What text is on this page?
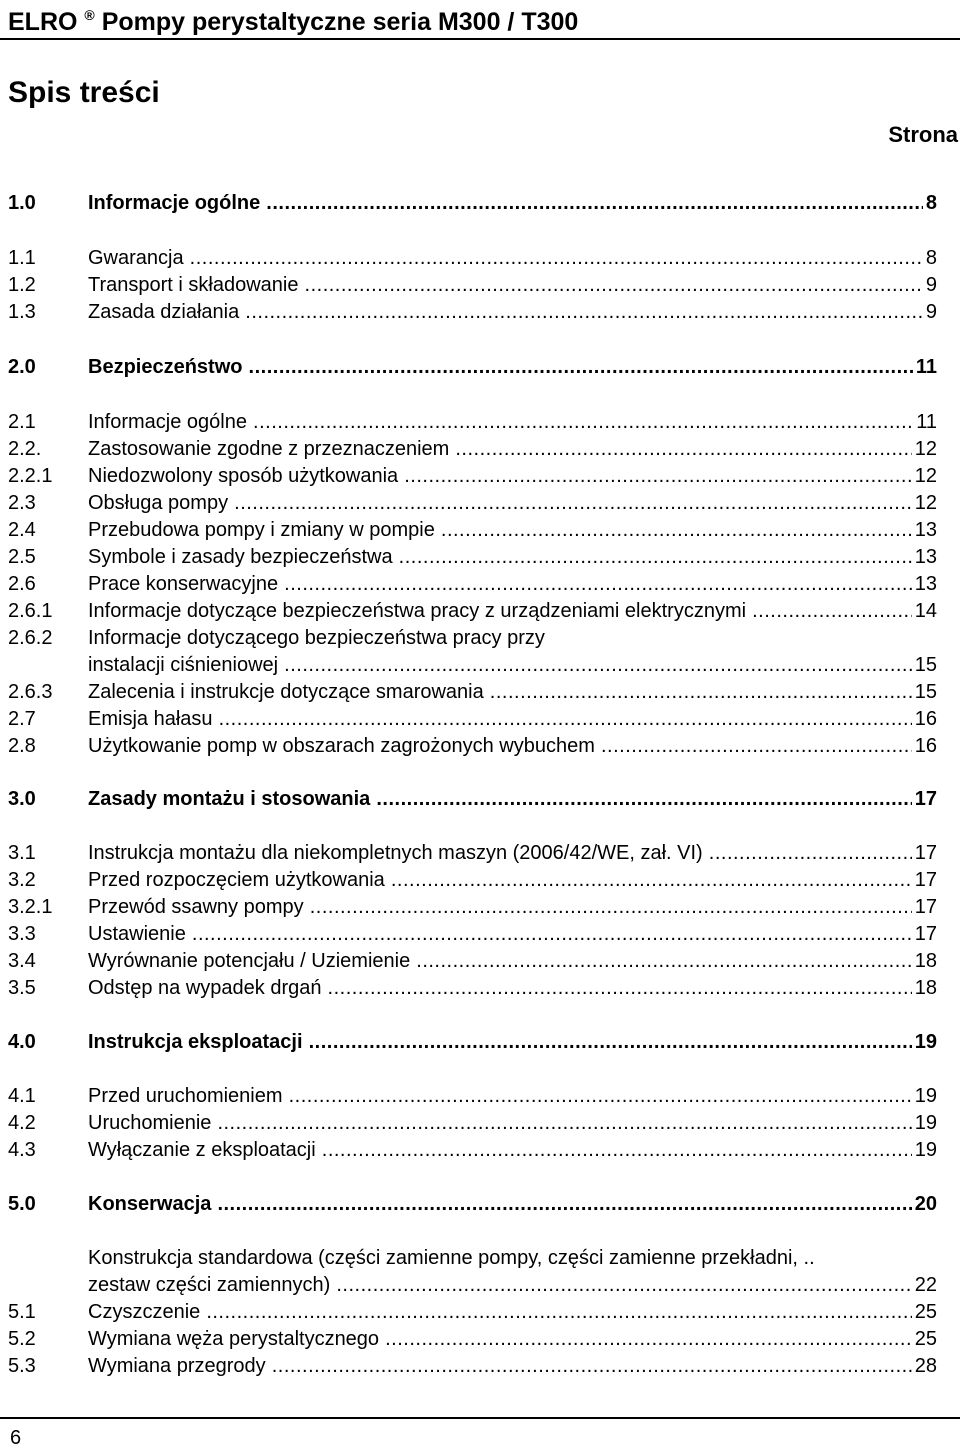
ELRO ® Pompy perystaltyczne seria M300 / T300
Spis treści
Strona
1.0	Informacje ogólne .....	8
1.1	Gwarancja .....	8
1.2	Transport i składowanie .....	9
1.3	Zasada działania .....	9
2.0	Bezpieczeństwo .....	11
2.1	Informacje ogólne .....	11
2.2. Zastosowanie zgodne z przeznaczeniem .....	12
2.2.1 Niedozwolony sposób użytkowania .....	12
2.3	Obsługa pompy .....	12
2.4	Przebudowa pompy i zmiany w pompie .....	13
2.5	Symbole i zasady bezpieczeństwa .....	13
2.6	Prace konserwacyjne .....	13
2.6.1 Informacje dotyczące bezpieczeństwa pracy z urządzeniami elektrycznymi .....	14
2.6.2 Informacje dotyczącego bezpieczeństwa pracy przy
instalacji ciśnieniowej .....	15
2.6.3 Zalecenia i instrukcje dotyczące smarowania .....	15
2.7	Emisja hałasu .....	16
2.8	Użytkowanie pomp w obszarach zagrożonych wybuchem .....	16
3.0	Zasady montażu i stosowania .....	17
3.1	Instrukcja montażu dla niekompletnych maszyn (2006/42/WE, zał. VI) .....	17
3.2	Przed rozpoczęciem użytkowania .....	17
3.2.1 Przewód ssawny pompy .....	17
3.3	Ustawienie .....	17
3.4	Wyrównanie potencjału / Uziemienie .....	18
3.5	Odstęp na wypadek drgań .....	18
4.0	Instrukcja eksploatacji .....	19
4.1	Przed uruchomieniem .....	19
4.2	Uruchomienie .....	19
4.3	Wyłączanie z eksploatacji .....	19
5.0	Konserwacja .....	20
Konstrukcja standardowa (części zamienne pompy, części zamienne przekładni, ..
zestaw części zamiennych) .....	22
5.1	Czyszczenie .....	25
5.2	Wymiana węża perystaltycznego .....	25
5.3	Wymiana przegrody .....	28
6
